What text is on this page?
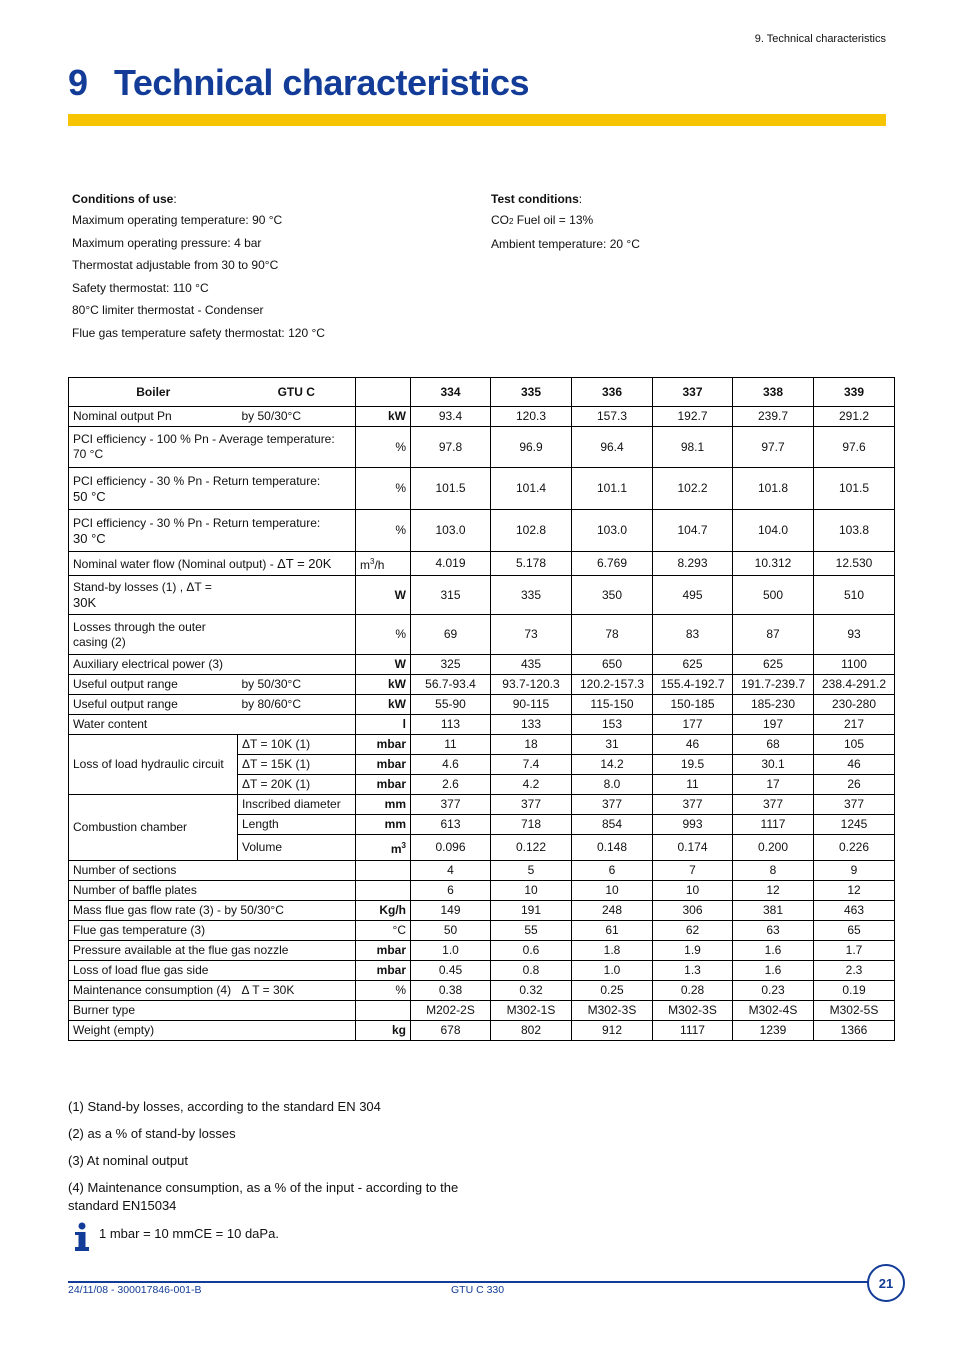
9. Technical characteristics
9 Technical characteristics
Conditions of use:
Maximum operating temperature: 90 °C
Maximum operating pressure: 4 bar
Thermostat adjustable from 30 to 90°C
Safety thermostat: 110 °C
80°C limiter thermostat - Condenser
Flue gas temperature safety thermostat: 120 °C
Test conditions:
CO2 Fuel oil = 13%
Ambient temperature: 20 °C
Boiler	GTU C		334	335	336	337	338	339
Nominal output Pn	by 50/30°C	kW	93.4	120.3	157.3	192.7	239.7	291.2
PCI efficiency - 100 % Pn - Average temperature: 70 °C		%	97.8	96.9	96.4	98.1	97.7	97.6

PCI efficiency - 30 % Pn - Return temperature:
50 °C		%	101.5	101.4	101.1	102.2	101.8	101.5

PCI efficiency - 30 % Pn - Return temperature:
30 °C		%	103.0	102.8	103.0	104.7	104.0	103.8
Nominal water flow (Nominal output) - ΔT = 20K		$m^3/h$	4.019	5.178	6.769	8.293	10.312	12.530

Stand-by losses (1) , ΔT =
30K		W	315	335	350	495	500	510
Losses through the outer casing (2)		%	69	73	78	83	87	93
Auxiliary electrical power (3)		W	325	435	650	625	625	1100
Useful output range	by 50/30°C	kW	56.7-93.4	93.7-120.3	120.2-157.3	155.4-192.7	191.7-239.7	238.4-291.2
Useful output range	by 80/60°C	kW	55-90	90-115	115-150	150-185	185-230	230-280
Water content		l	113	133	153	177	197	217
Loss of load hydraulic circuit	ΔT = 10K (1)	mbar	11	18	31	46	68	105
	ΔT = 15K (1)	mbar	4.6	7.4	14.2	19.5	30.1	46
	ΔT = 20K (1)	mbar	2.6	4.2	8.0	11	17	26
Combustion chamber	Inscribed diameter	mm	377	377	377	377	377	377
	Length	mm	613	718	854	993	1117	1245
	Volume	$m^3$	0.096	0.122	0.148	0.174	0.200	0.226
Number of sections			4	5	6	7	8	9
Number of baffle plates			6	10	10	10	12	12
Mass flue gas flow rate (3) - by 50/30°C		Kg/h	149	191	248	306	381	463
Flue gas temperature (3)		°C	50	55	61	62	63	65
Pressure available at the flue gas nozzle		mbar	1.0	0.6	1.8	1.9	1.6	1.7
Loss of load flue gas side		mbar	0.45	0.8	1.0	1.3	1.6	2.3
Maintenance consumption (4)	Δ T = 30K	%	0.38	0.32	0.25	0.28	0.23	0.19
Burner type			M202-2S	M302-1S	M302-3S	M302-3S	M302-4S	M302-5S
Weight (empty)		kg	678	802	912	1117	1239	1366

(1) Stand-by losses, according to the standard EN 304

(2) as a % of stand-by losses

(3) At nominal output

(4) Maintenance consumption, as a % of the input - according to the standard EN15034

1 mbar = 10 mmCE = 10 daPa.
24/11/08 - 300017846-001-B	GTU C 330	21
